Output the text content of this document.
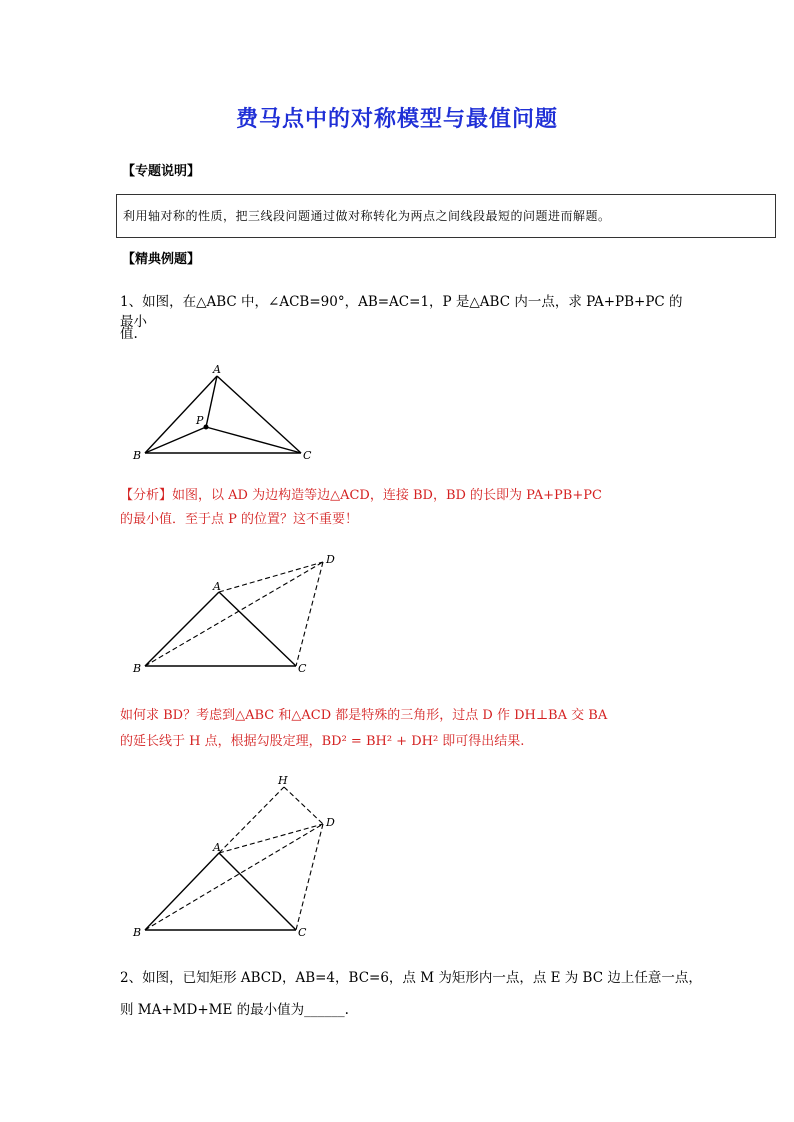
费马点中的对称模型与最值问题
【专题说明】
利用轴对称的性质，把三线段问题通过做对称转化为两点之间线段最短的问题进而解题。
【精典例题】
1、如图，在△ABC 中，∠ACB=90°，AB=AC=1，P 是△ABC 内一点，求 PA+PB+PC 的最小
值.
A
B	C
P
【分析】如图，以 AD 为边构造等边△ACD，连接 BD，BD 的长即为 PA+PB+PC
的最小值．至于点 P 的位置？这不重要！
A
B	C
D
如何求 BD？考虑到△ABC 和△ACD 都是特殊的三角形，过点 D 作 DH⊥BA 交 BA
的延长线于 H 点，根据勾股定理，BD² = BH² + DH² 即可得出结果.
A
B	C
D
H
2、如图，已知矩形 ABCD，AB=4，BC=6，点 M 为矩形内一点，点 E 为 BC 边上任意一点，
则 MA+MD+ME 的最小值为______.
